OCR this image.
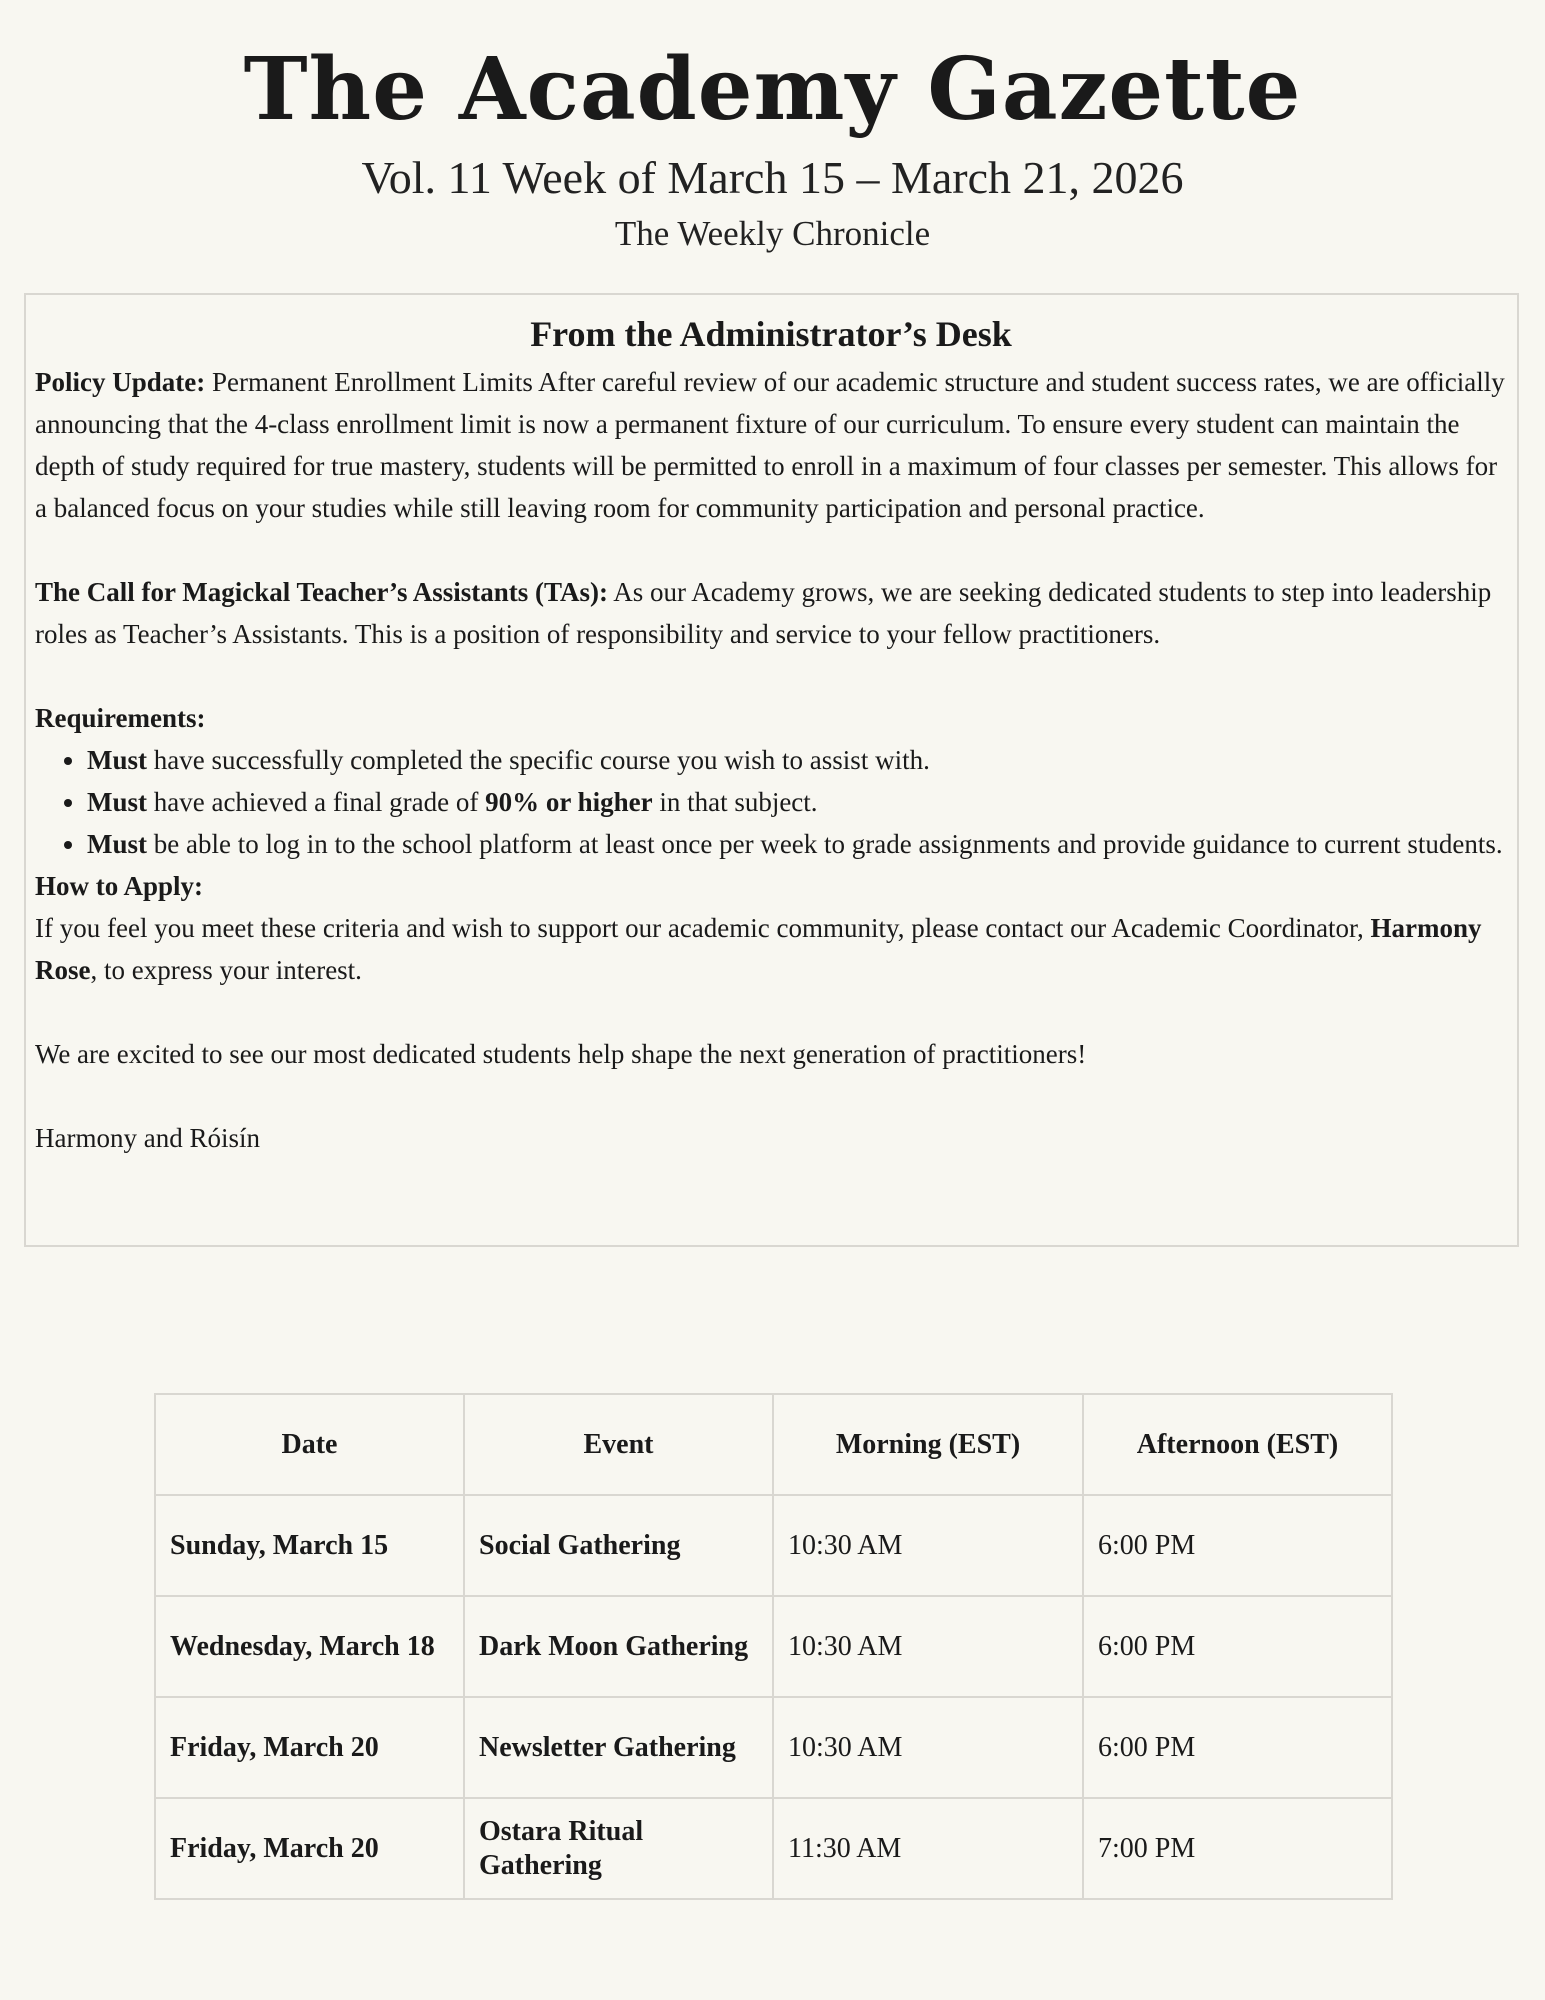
The Academy Gazette

Vol. 11 Week of March 15 – March 21, 2026

The Weekly Chronicle

From the Administrator’s Desk

Policy Update: Permanent Enrollment Limits After careful review of our academic structure and student success rates, we are officially announcing that the 4-class enrollment limit is now a permanent fixture of our curriculum. To ensure every student can maintain the depth of study required for true mastery, students will be permitted to enroll in a maximum of four classes per semester. This allows for a balanced focus on your studies while still leaving room for community participation and personal practice.

The Call for Magickal Teacher’s Assistants (TAs): As our Academy grows, we are seeking dedicated students to step into leadership roles as Teacher’s Assistants. This is a position of responsibility and service to your fellow practitioners.

Requirements:

• Must have successfully completed the specific course you wish to assist with.
• Must have achieved a final grade of 90% or higher in that subject.
• Must be able to log in to the school platform at least once per week to grade assignments and provide guidance to current students.

How to Apply:

If you feel you meet these criteria and wish to support our academic community, please contact our Academic Coordinator, Harmony Rose, to express your interest.

We are excited to see our most dedicated students help shape the next generation of practitioners!

Harmony and Róisín

Date	Event	Morning (EST)	Afternoon (EST)
Sunday, March 15	Social Gathering	10:30 AM	6:00 PM
Wednesday, March 18	Dark Moon Gathering	10:30 AM	6:00 PM
Friday, March 20	Newsletter Gathering	10:30 AM	6:00 PM
Friday, March 20	Ostara Ritual Gathering	11:30 AM	7:00 PM
